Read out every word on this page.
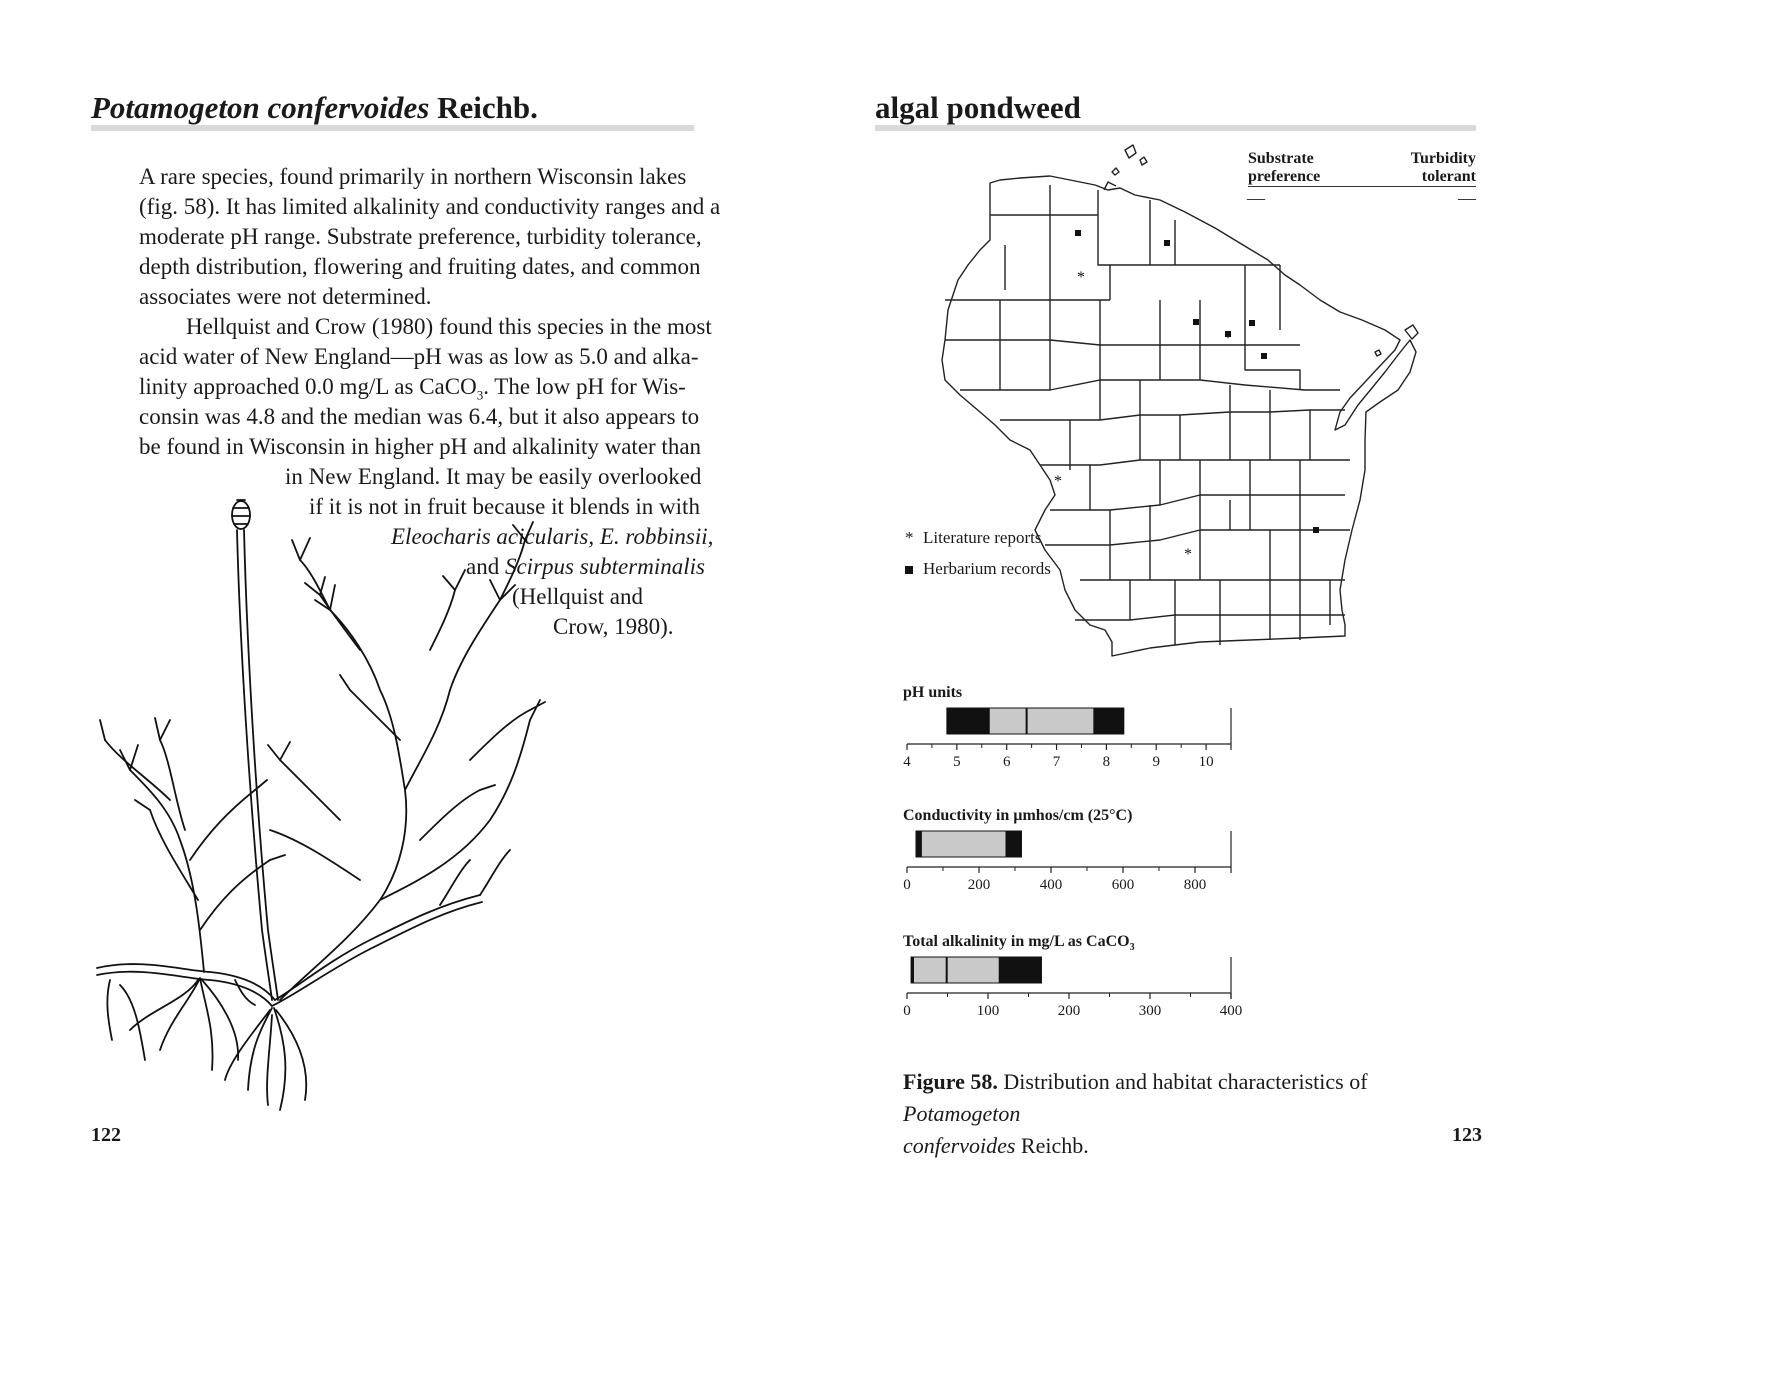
Potamogeton confervoides Reichb.
A rare species, found primarily in northern Wisconsin lakes
(fig. 58). It has limited alkalinity and conductivity ranges and a
moderate pH range. Substrate preference, turbidity tolerance,
depth distribution, flowering and fruiting dates, and common
associates were not determined.
Hellquist and Crow (1980) found this species in the most
acid water of New England—pH was as low as 5.0 and alka-
linity approached 0.0 mg/L as CaCO$_3$. The low pH for Wis-
consin was 4.8 and the median was 6.4, but it also appears to
be found in Wisconsin in higher pH and alkalinity water than
in New England. It may be easily overlooked
if it is not in fruit because it blends in with
Eleocharis acicularis, E. robbinsii,
and Scirpus subterminalis
(Hellquist and
Crow, 1980).
122
algal pondweed
Substrate
preference
Turbidity
tolerant
—	—
*
*
*
*
* Literature reports
Herbarium records
pH units
4	5	6	7	8	9	10
Conductivity in µmhos/cm (25°C)
0	200	400	600	800
Total alkalinity in mg/L as CaCO$_3$
0	100	200	300	400
Figure 58. Distribution and habitat characteristics of Potamogeton
confervoides Reichb.	123
